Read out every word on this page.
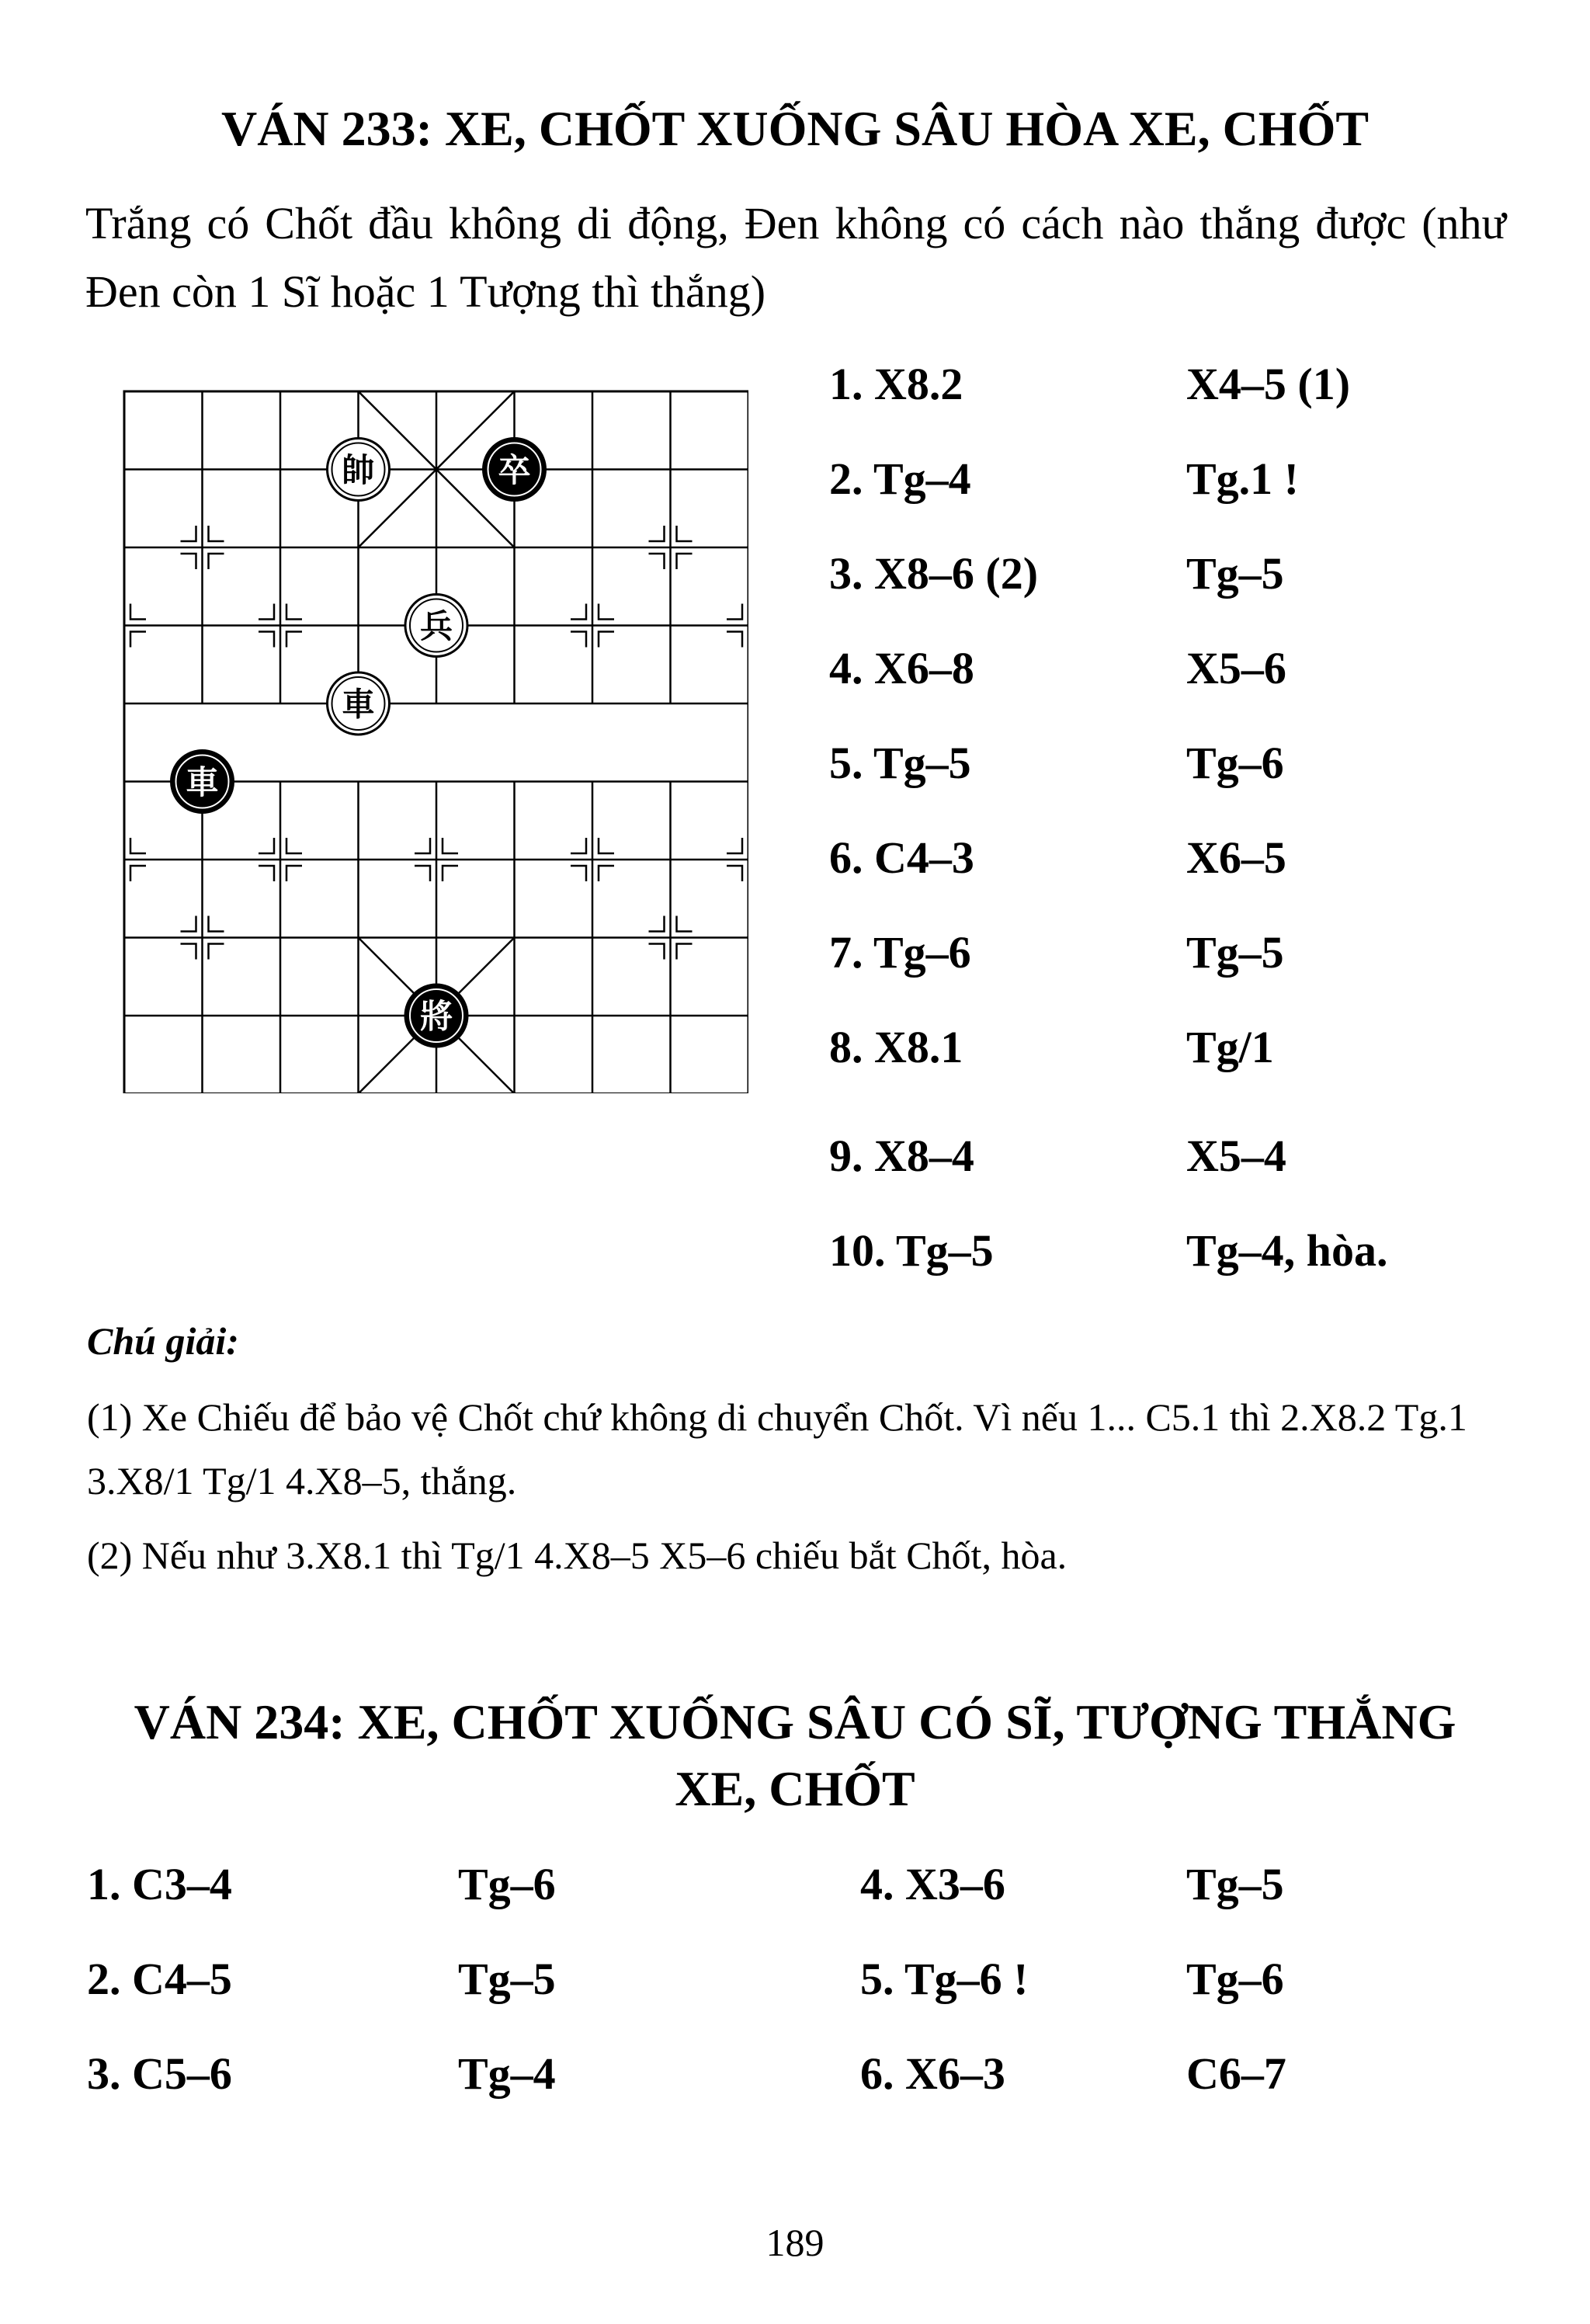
VÁN 233: XE, CHỐT XUỐNG SÂU HÒA XE, CHỐT
Trắng có Chốt đầu không di động, Đen không có cách nào thắng được (như Đen còn 1 Sĩ hoặc 1 Tượng thì thắng)
帥	卒
兵
車
車
將
1. X8.2	X4–5 (1)
2. Tg–4	Tg.1 !
3. X8–6 (2)	Tg–5
4. X6–8	X5–6
5. Tg–5	Tg–6
6. C4–3	X6–5
7. Tg–6	Tg–5
8. X8.1	Tg/1
9. X8–4	X5–4
10. Tg–5	Tg–4, hòa.
Chú giải:
(1) Xe Chiếu để bảo vệ Chốt chứ không di chuyển Chốt. Vì nếu 1... C5.1 thì 2.X8.2 Tg.1 3.X8/1 Tg/1 4.X8–5, thắng.
(2) Nếu như 3.X8.1 thì Tg/1 4.X8–5 X5–6 chiếu bắt Chốt, hòa.
VÁN 234: XE, CHỐT XUỐNG SÂU CÓ SĨ, TƯỢNG THẮNG
XE, CHỐT
1. C3–4	Tg–6	4. X3–6	Tg–5
2. C4–5	Tg–5	5. Tg–6 !	Tg–6
3. C5–6	Tg–4	6. X6–3	C6–7
189
